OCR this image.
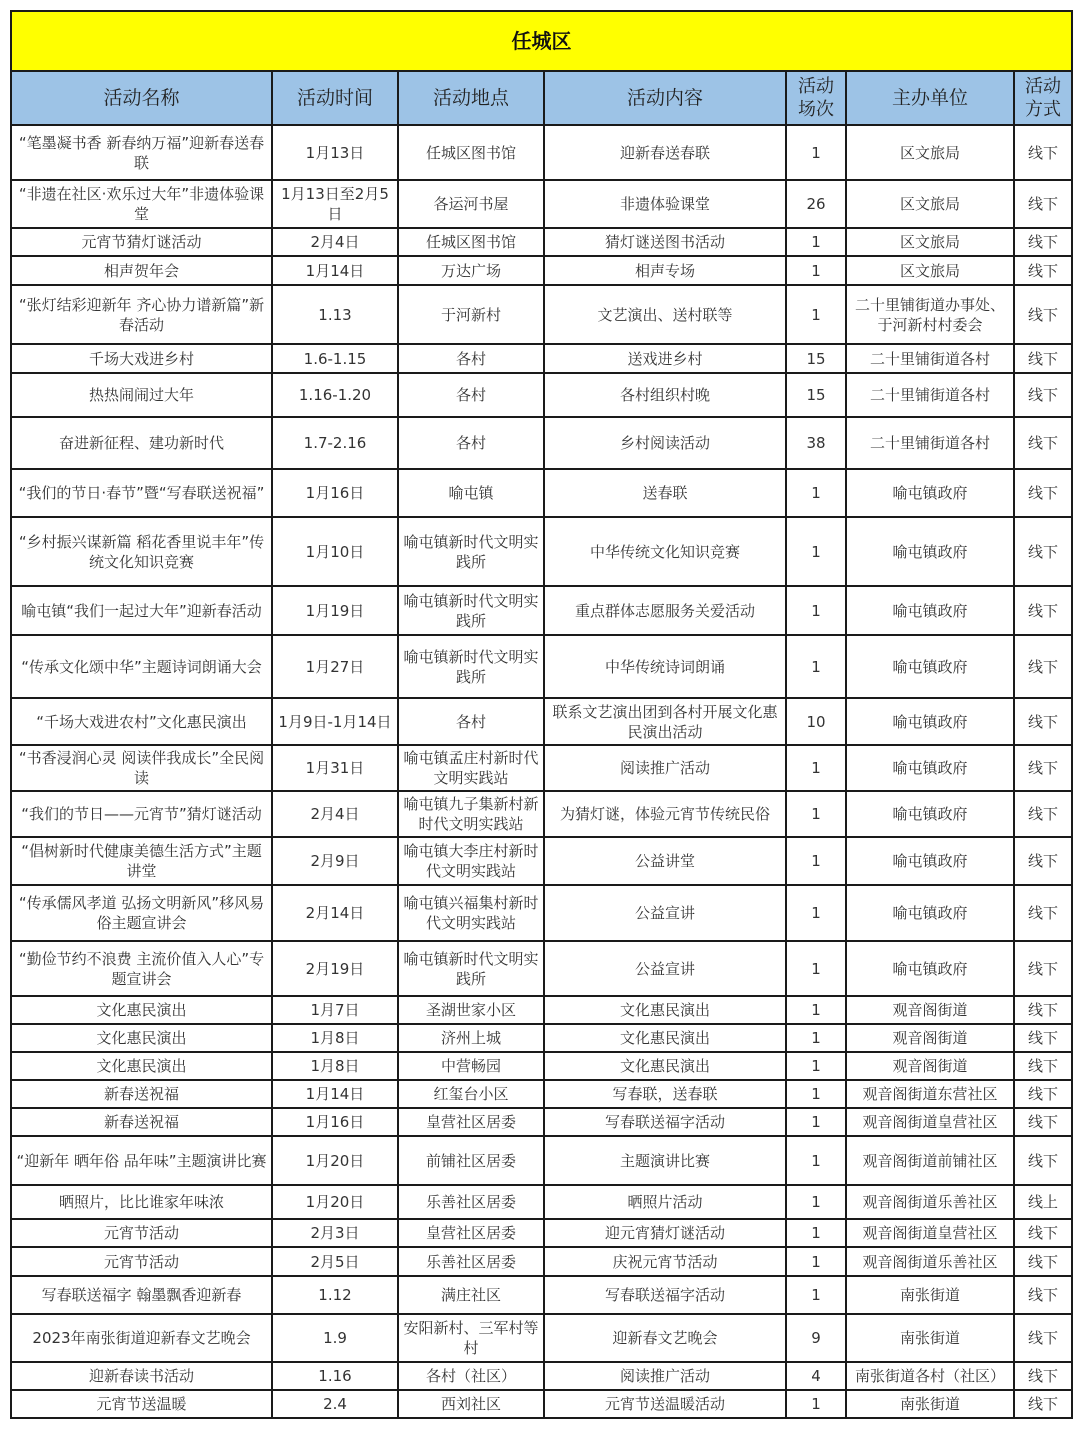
任城区						
活动名称	活动时间	活动地点	活动内容	活动场次	主办单位	活动方式
“笔墨凝书香 新春纳万福”迎新春送春联	1月13日	任城区图书馆	迎新春送春联	1	区文旅局	线下
“非遗在社区·欢乐过大年”非遗体验课堂	1月13日至2月5日	各运河书屋	非遗体验课堂	26	区文旅局	线下
元宵节猜灯谜活动	2月4日	任城区图书馆	猜灯谜送图书活动	1	区文旅局	线下
相声贺年会	1月14日	万达广场	相声专场	1	区文旅局	线下
“张灯结彩迎新年 齐心协力谱新篇”新春活动	1.13	于河新村	文艺演出、送村联等	1	二十里铺街道办事处、于河新村村委会	线下
千场大戏进乡村	1.6-1.15	各村	送戏进乡村	15	二十里铺街道各村	线下
热热闹闹过大年	1.16-1.20	各村	各村组织村晚	15	二十里铺街道各村	线下
奋进新征程、建功新时代	1.7-2.16	各村	乡村阅读活动	38	二十里铺街道各村	线下
“我们的节日·春节”暨“写春联送祝福”	1月16日	喻屯镇	送春联	1	喻屯镇政府	线下
“乡村振兴谋新篇 稻花香里说丰年”传统文化知识竞赛	1月10日	喻屯镇新时代文明实践所	中华传统文化知识竞赛	1	喻屯镇政府	线下
喻屯镇“我们一起过大年”迎新春活动	1月19日	喻屯镇新时代文明实践所	重点群体志愿服务关爱活动	1	喻屯镇政府	线下
“传承文化颂中华”主题诗词朗诵大会	1月27日	喻屯镇新时代文明实践所	中华传统诗词朗诵	1	喻屯镇政府	线下
“千场大戏进农村”文化惠民演出	1月9日-1月14日	各村	联系文艺演出团到各村开展文化惠民演出活动	10	喻屯镇政府	线下
“书香浸润心灵 阅读伴我成长”全民阅读	1月31日	喻屯镇孟庄村新时代文明实践站	阅读推广活动	1	喻屯镇政府	线下
“我们的节日——元宵节”猜灯谜活动	2月4日	喻屯镇九子集新村新时代文明实践站	为猜灯谜，体验元宵节传统民俗	1	喻屯镇政府	线下
“倡树新时代健康美德生活方式”主题讲堂	2月9日	喻屯镇大李庄村新时代文明实践站	公益讲堂	1	喻屯镇政府	线下
“传承儒风孝道 弘扬文明新风”移风易俗主题宣讲会	2月14日	喻屯镇兴福集村新时代文明实践站	公益宣讲	1	喻屯镇政府	线下
“勤俭节约不浪费 主流价值入人心”专题宣讲会	2月19日	喻屯镇新时代文明实践所	公益宣讲	1	喻屯镇政府	线下
文化惠民演出	1月7日	圣湖世家小区	文化惠民演出	1	观音阁街道	线下
文化惠民演出	1月8日	济州上城	文化惠民演出	1	观音阁街道	线下
文化惠民演出	1月8日	中营畅园	文化惠民演出	1	观音阁街道	线下
新春送祝福	1月14日	红玺台小区	写春联，送春联	1	观音阁街道东营社区	线下
新春送祝福	1月16日	皇营社区居委	写春联送福字活动	1	观音阁街道皇营社区	线下
“迎新年 晒年俗 品年味”主题演讲比赛	1月20日	前铺社区居委	主题演讲比赛	1	观音阁街道前铺社区	线下
晒照片，比比谁家年味浓	1月20日	乐善社区居委	晒照片活动	1	观音阁街道乐善社区	线上
元宵节活动	2月3日	皇营社区居委	迎元宵猜灯谜活动	1	观音阁街道皇营社区	线下
元宵节活动	2月5日	乐善社区居委	庆祝元宵节活动	1	观音阁街道乐善社区	线下
写春联送福字 翰墨飘香迎新春	1.12	满庄社区	写春联送福字活动	1	南张街道	线下
2023年南张街道迎新春文艺晚会	1.9	安阳新村、三军村等村	迎新春文艺晚会	9	南张街道	线下
迎新春读书活动	1.16	各村（社区）	阅读推广活动	4	南张街道各村（社区）	线下
元宵节送温暖	2.4	西刘社区	元宵节送温暖活动	1	南张街道	线下
